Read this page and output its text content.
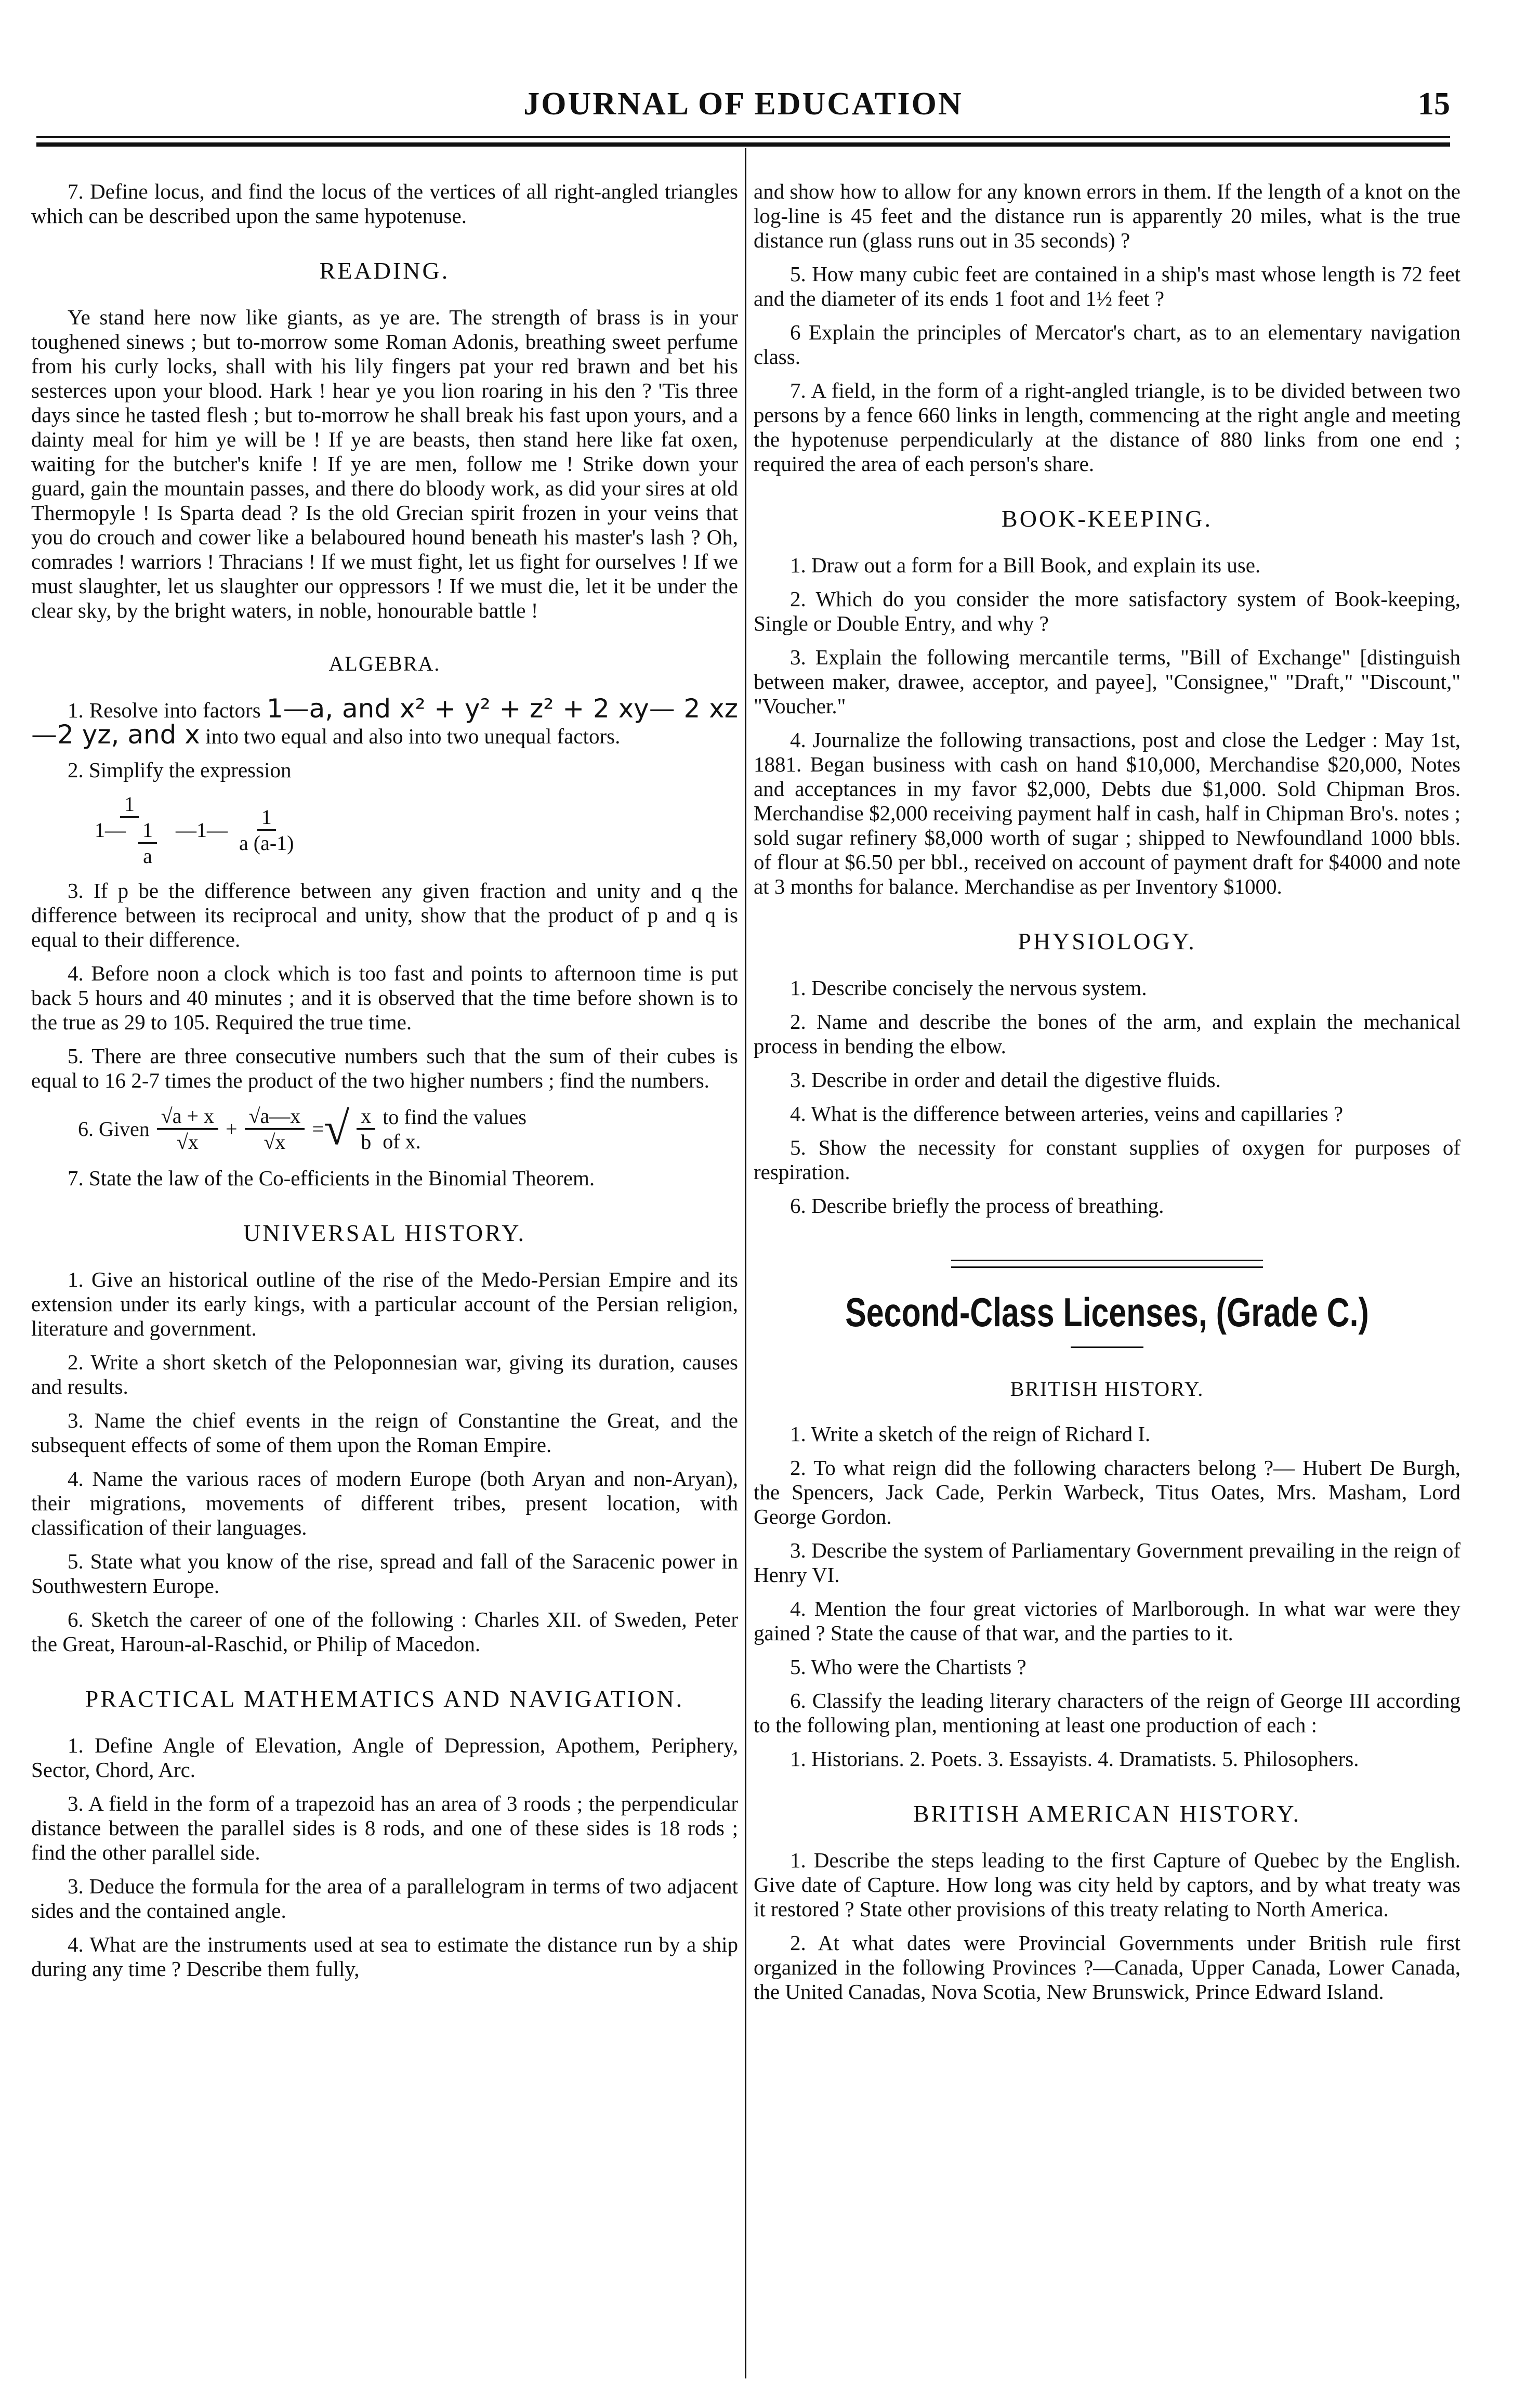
JOURNAL OF EDUCATION	15

7. Define locus, and find the locus of the vertices of all right-angled triangles which can be described upon the same hypotenuse.

READING.

Ye stand here now like giants, as ye are. The strength of brass is in your toughened sinews ; but to-morrow some Roman Adonis, breathing sweet perfume from his curly locks, shall with his lily fingers pat your red brawn and bet his sesterces upon your blood. Hark ! hear ye you lion roaring in his den ? 'Tis three days since he tasted flesh ; but to-morrow he shall break his fast upon yours, and a dainty meal for him ye will be ! If ye are beasts, then stand here like fat oxen, waiting for the butcher's knife ! If ye are men, follow me ! Strike down your guard, gain the mountain passes, and there do bloody work, as did your sires at old Thermopyle ! Is Sparta dead ? Is the old Grecian spirit frozen in your veins that you do crouch and cower like a belaboured hound beneath his master's lash ? Oh, comrades ! warriors ! Thracians ! If we must fight, let us fight for ourselves ! If we must slaughter, let us slaughter our oppressors ! If we must die, let it be under the clear sky, by the bright waters, in noble, honourable battle !

ALGEBRA.

1. Resolve into factors 1—a, and x² + y² + z² + 2 xy— 2 xz—2 yz, and x into two equal and also into two unequal factors.

2. Simplify the expression

$\frac{1}{1— \frac{1}{a}}$ —1— $\frac{1}{a (a-1)}$

3. If p be the difference between any given fraction and unity and q the difference between its reciprocal and unity, show that the product of p and q is equal to their difference.

4. Before noon a clock which is too fast and points to afternoon time is put back 5 hours and 40 minutes ; and it is observed that the time before shown is to the true as 29 to 105. Required the true time.

5. There are three consecutive numbers such that the sum of their cubes is equal to 16 2-7 times the product of the two higher numbers ; find the numbers.

6. Given $\frac{√a + x}{√x} + \frac{√a—x}{√x}$ = √ $\frac{x}{b}$ to find the values of x.

7. State the law of the Co-efficients in the Binomial Theorem.

UNIVERSAL HISTORY.

1. Give an historical outline of the rise of the Medo-Persian Empire and its extension under its early kings, with a particular account of the Persian religion, literature and government.

2. Write a short sketch of the Peloponnesian war, giving its duration, causes and results.

3. Name the chief events in the reign of Constantine the Great, and the subsequent effects of some of them upon the Roman Empire.

4. Name the various races of modern Europe (both Aryan and non-Aryan), their migrations, movements of different tribes, present location, with classification of their languages.

5. State what you know of the rise, spread and fall of the Saracenic power in Southwestern Europe.

6. Sketch the career of one of the following : Charles XII. of Sweden, Peter the Great, Haroun-al-Raschid, or Philip of Macedon.

PRACTICAL MATHEMATICS AND NAVIGATION.

1. Define Angle of Elevation, Angle of Depression, Apothem, Periphery, Sector, Chord, Arc.

3. A field in the form of a trapezoid has an area of 3 roods ; the perpendicular distance between the parallel sides is 8 rods, and one of these sides is 18 rods ; find the other parallel side.

3. Deduce the formula for the area of a parallelogram in terms of two adjacent sides and the contained angle.

4. What are the instruments used at sea to estimate the distance run by a ship during any time ? Describe them fully,

and show how to allow for any known errors in them. If the length of a knot on the log-line is 45 feet and the distance run is apparently 20 miles, what is the true distance run (glass runs out in 35 seconds) ?

5. How many cubic feet are contained in a ship's mast whose length is 72 feet and the diameter of its ends 1 foot and 1½ feet ?

6 Explain the principles of Mercator's chart, as to an elementary navigation class.

7. A field, in the form of a right-angled triangle, is to be divided between two persons by a fence 660 links in length, commencing at the right angle and meeting the hypotenuse perpendicularly at the distance of 880 links from one end ; required the area of each person's share.

BOOK-KEEPING.

1. Draw out a form for a Bill Book, and explain its use.

2. Which do you consider the more satisfactory system of Book-keeping, Single or Double Entry, and why ?

3. Explain the following mercantile terms, "Bill of Exchange" [distinguish between maker, drawee, acceptor, and payee], "Consignee," "Draft," "Discount," "Voucher."

4. Journalize the following transactions, post and close the Ledger : May 1st, 1881. Began business with cash on hand $10,000, Merchandise $20,000, Notes and acceptances in my favor $2,000, Debts due $1,000. Sold Chipman Bros. Merchandise $2,000 receiving payment half in cash, half in Chipman Bro's. notes ; sold sugar refinery $8,000 worth of sugar ; shipped to Newfoundland 1000 bbls. of flour at $6.50 per bbl., received on account of payment draft for $4000 and note at 3 months for balance. Merchandise as per Inventory $1000.

PHYSIOLOGY.

1. Describe concisely the nervous system.

2. Name and describe the bones of the arm, and explain the mechanical process in bending the elbow.

3. Describe in order and detail the digestive fluids.

4. What is the difference between arteries, veins and capillaries ?

5. Show the necessity for constant supplies of oxygen for purposes of respiration.

6. Describe briefly the process of breathing.

Second-Class Licenses, (Grade C.)
BRITISH HISTORY.

1. Write a sketch of the reign of Richard I.

2. To what reign did the following characters belong ?— Hubert De Burgh, the Spencers, Jack Cade, Perkin Warbeck, Titus Oates, Mrs. Masham, Lord George Gordon.

3. Describe the system of Parliamentary Government prevailing in the reign of Henry VI.

4. Mention the four great victories of Marlborough. In what war were they gained ? State the cause of that war, and the parties to it.

5. Who were the Chartists ?

6. Classify the leading literary characters of the reign of George III according to the following plan, mentioning at least one production of each :

1. Historians. 2. Poets. 3. Essayists. 4. Dramatists. 5. Philosophers.

BRITISH AMERICAN HISTORY.

1. Describe the steps leading to the first Capture of Quebec by the English. Give date of Capture. How long was city held by captors, and by what treaty was it restored ? State other provisions of this treaty relating to North America.

2. At what dates were Provincial Governments under British rule first organized in the following Provinces ?—Canada, Upper Canada, Lower Canada, the United Canadas, Nova Scotia, New Brunswick, Prince Edward Island.
